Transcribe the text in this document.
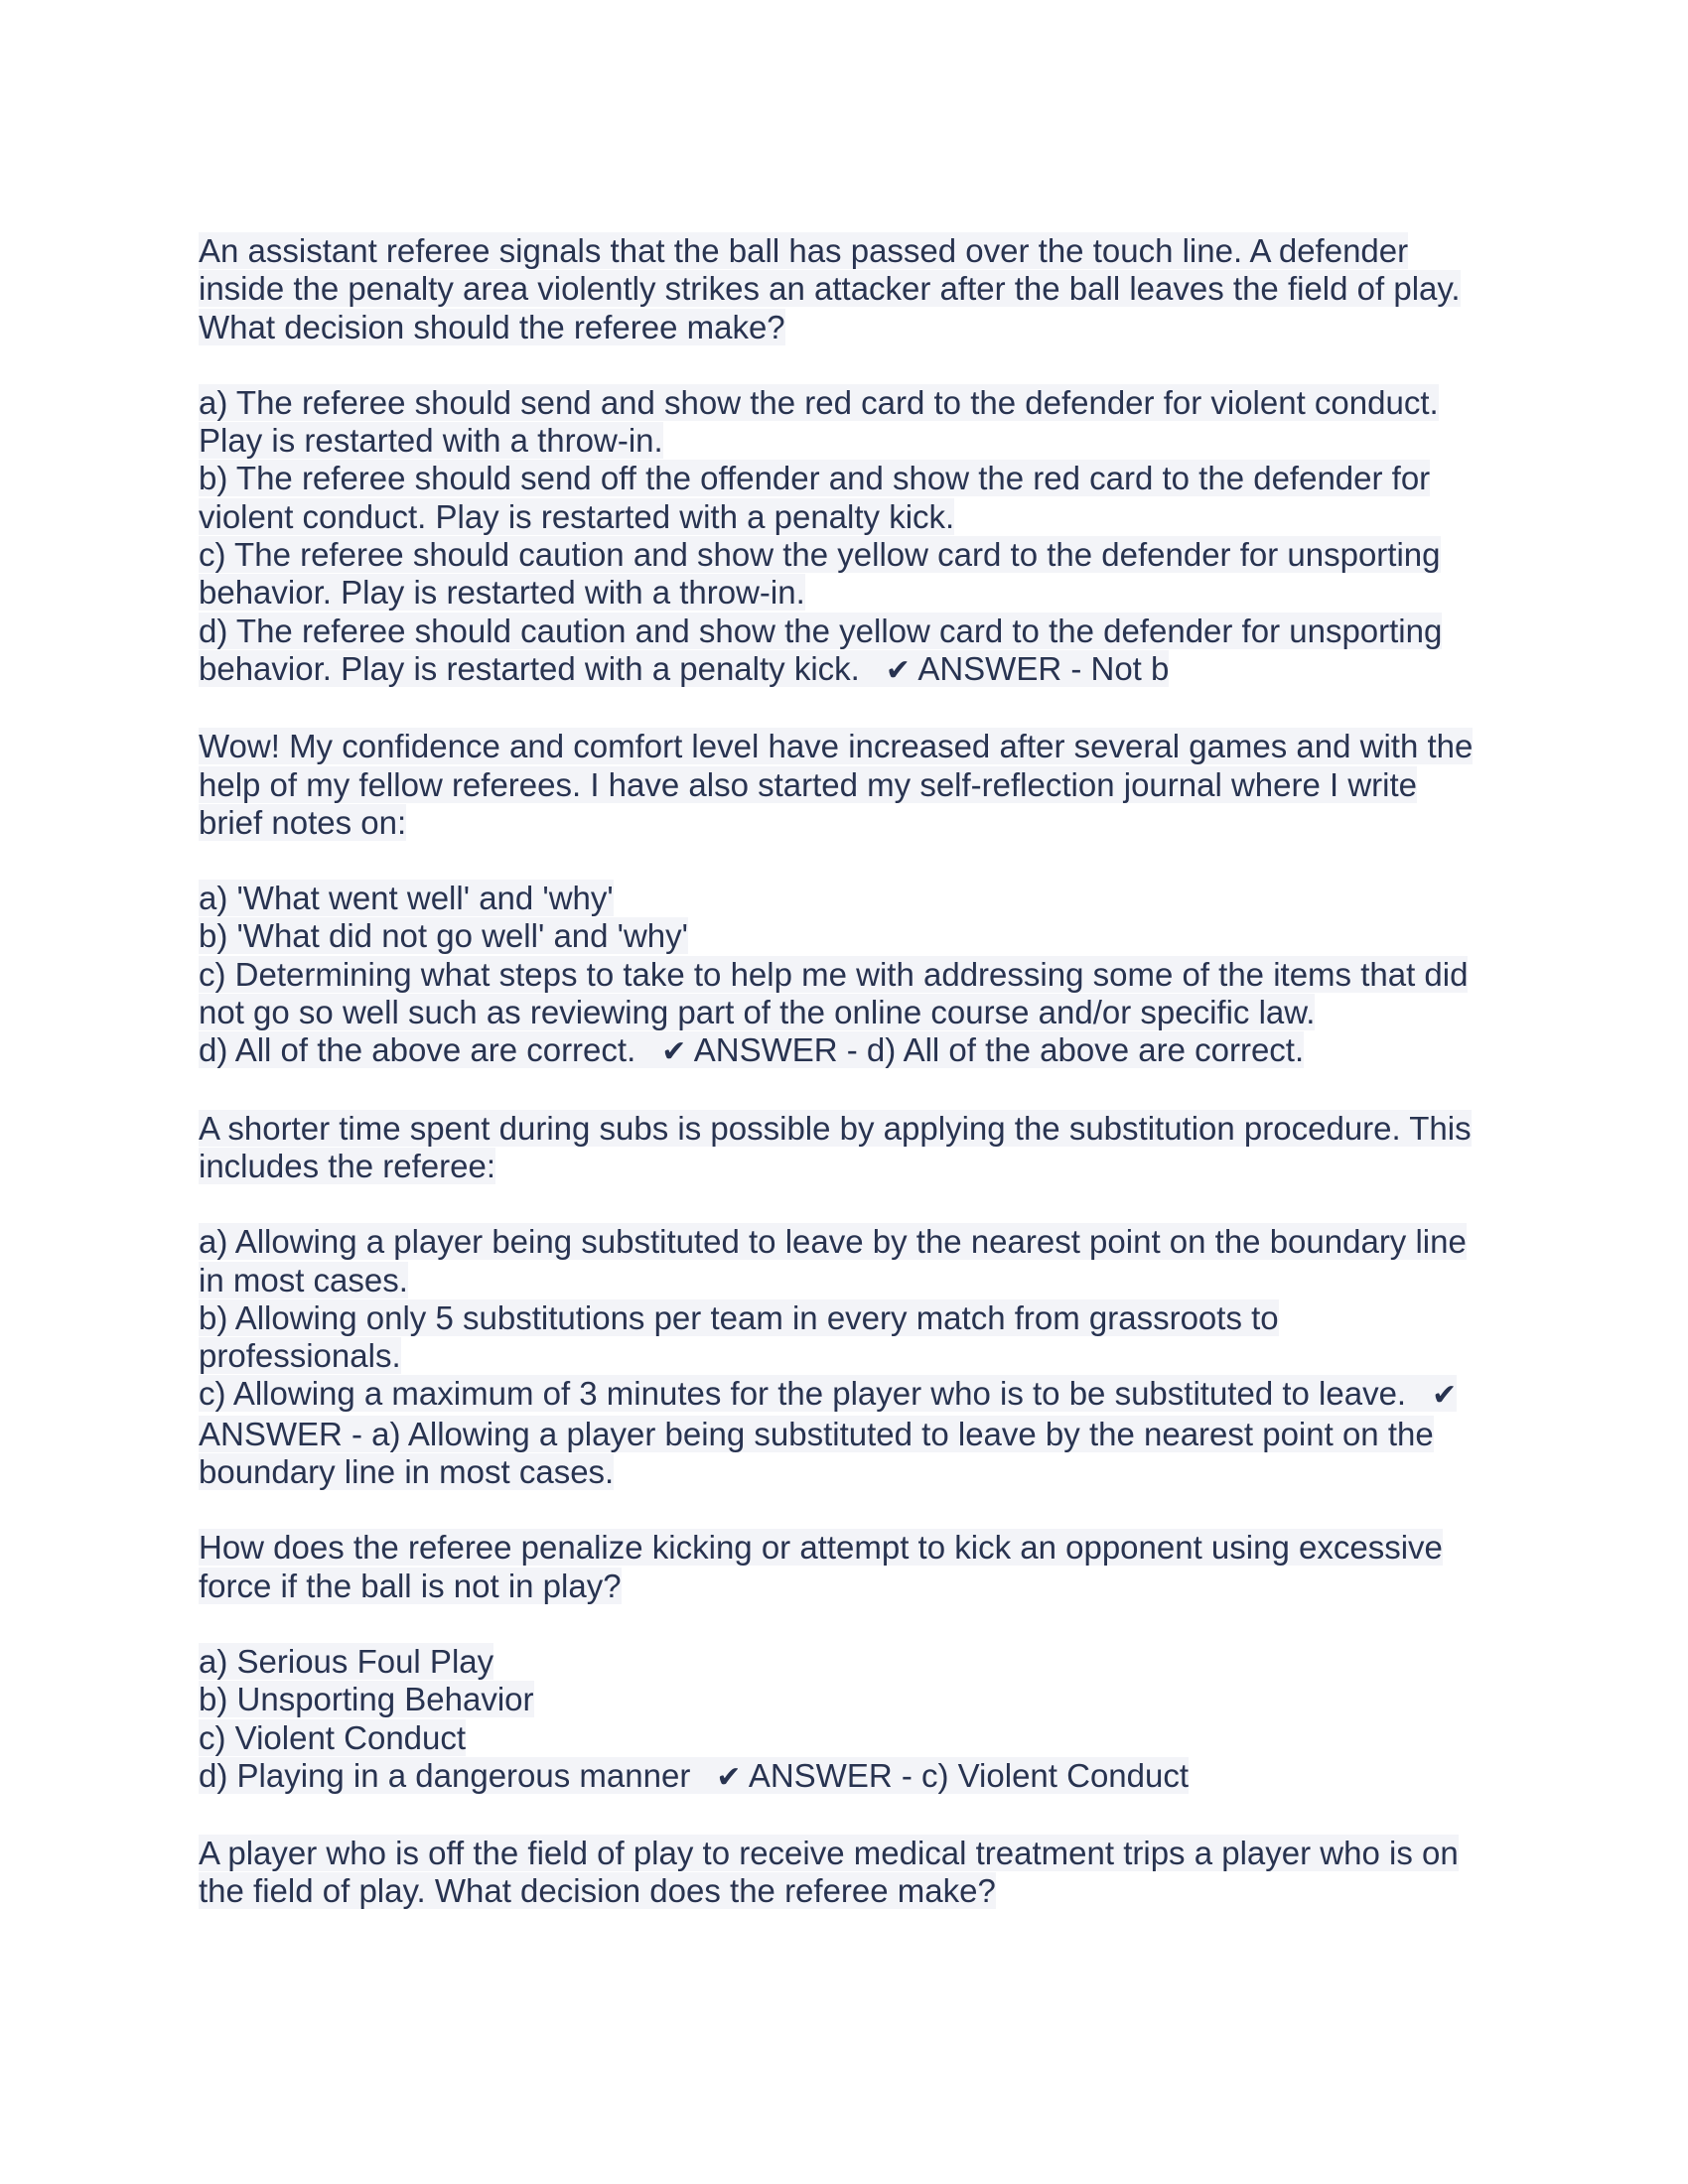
An assistant referee signals that the ball has passed over the touch line. A defender
inside the penalty area violently strikes an attacker after the ball leaves the field of play.
What decision should the referee make?
a) The referee should send and show the red card to the defender for violent conduct.
Play is restarted with a throw-in.
b) The referee should send off the offender and show the red card to the defender for
violent conduct. Play is restarted with a penalty kick.
c) The referee should caution and show the yellow card to the defender for unsporting
behavior. Play is restarted with a throw-in.
d) The referee should caution and show the yellow card to the defender for unsporting
behavior. Play is restarted with a penalty kick. ✔ ANSWER - Not b
Wow! My confidence and comfort level have increased after several games and with the
help of my fellow referees. I have also started my self-reflection journal where I write
brief notes on:
a) 'What went well' and 'why'
b) 'What did not go well' and 'why'
c) Determining what steps to take to help me with addressing some of the items that did
not go so well such as reviewing part of the online course and/or specific law.
d) All of the above are correct. ✔ ANSWER - d) All of the above are correct.
A shorter time spent during subs is possible by applying the substitution procedure. This
includes the referee:
a) Allowing a player being substituted to leave by the nearest point on the boundary line
in most cases.
b) Allowing only 5 substitutions per team in every match from grassroots to
professionals.
c) Allowing a maximum of 3 minutes for the player who is to be substituted to leave. ✔
ANSWER - a) Allowing a player being substituted to leave by the nearest point on the
boundary line in most cases.
How does the referee penalize kicking or attempt to kick an opponent using excessive
force if the ball is not in play?
a) Serious Foul Play
b) Unsporting Behavior
c) Violent Conduct
d) Playing in a dangerous manner ✔ ANSWER - c) Violent Conduct
A player who is off the field of play to receive medical treatment trips a player who is on
the field of play. What decision does the referee make?
